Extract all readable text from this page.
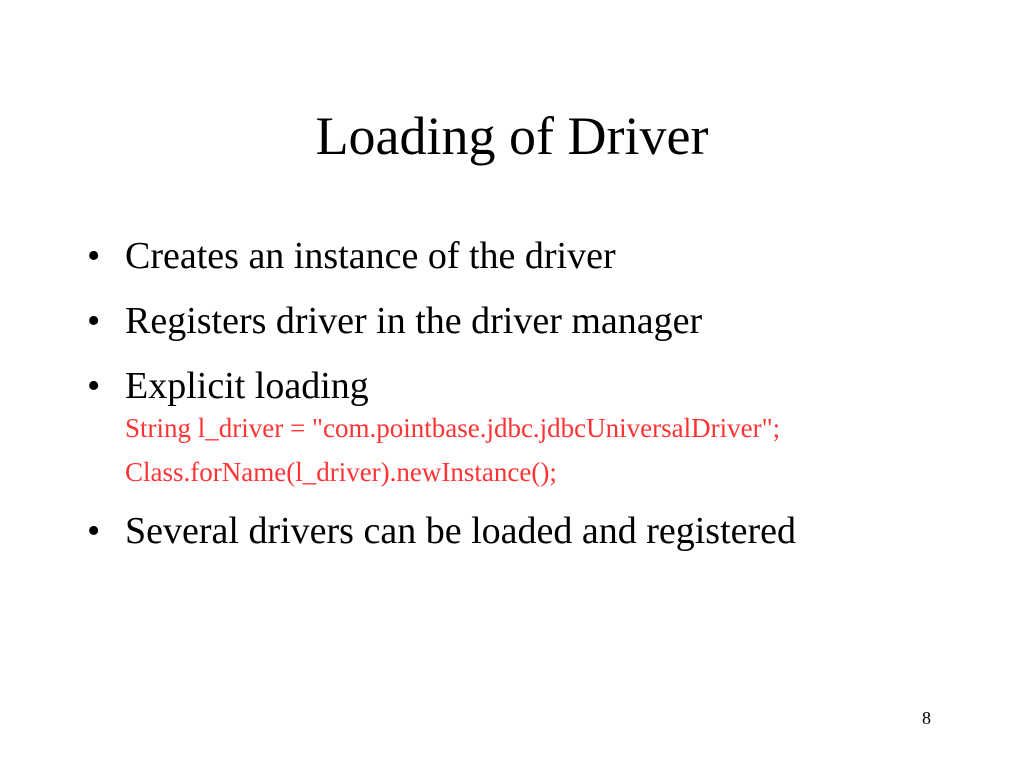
Loading of Driver
• Creates an instance of the driver
• Registers driver in the driver manager
• Explicit loading
String l_driver = "com.pointbase.jdbc.jdbcUniversalDriver";
Class.forName(l_driver).newInstance();
• Several drivers can be loaded and registered
8
